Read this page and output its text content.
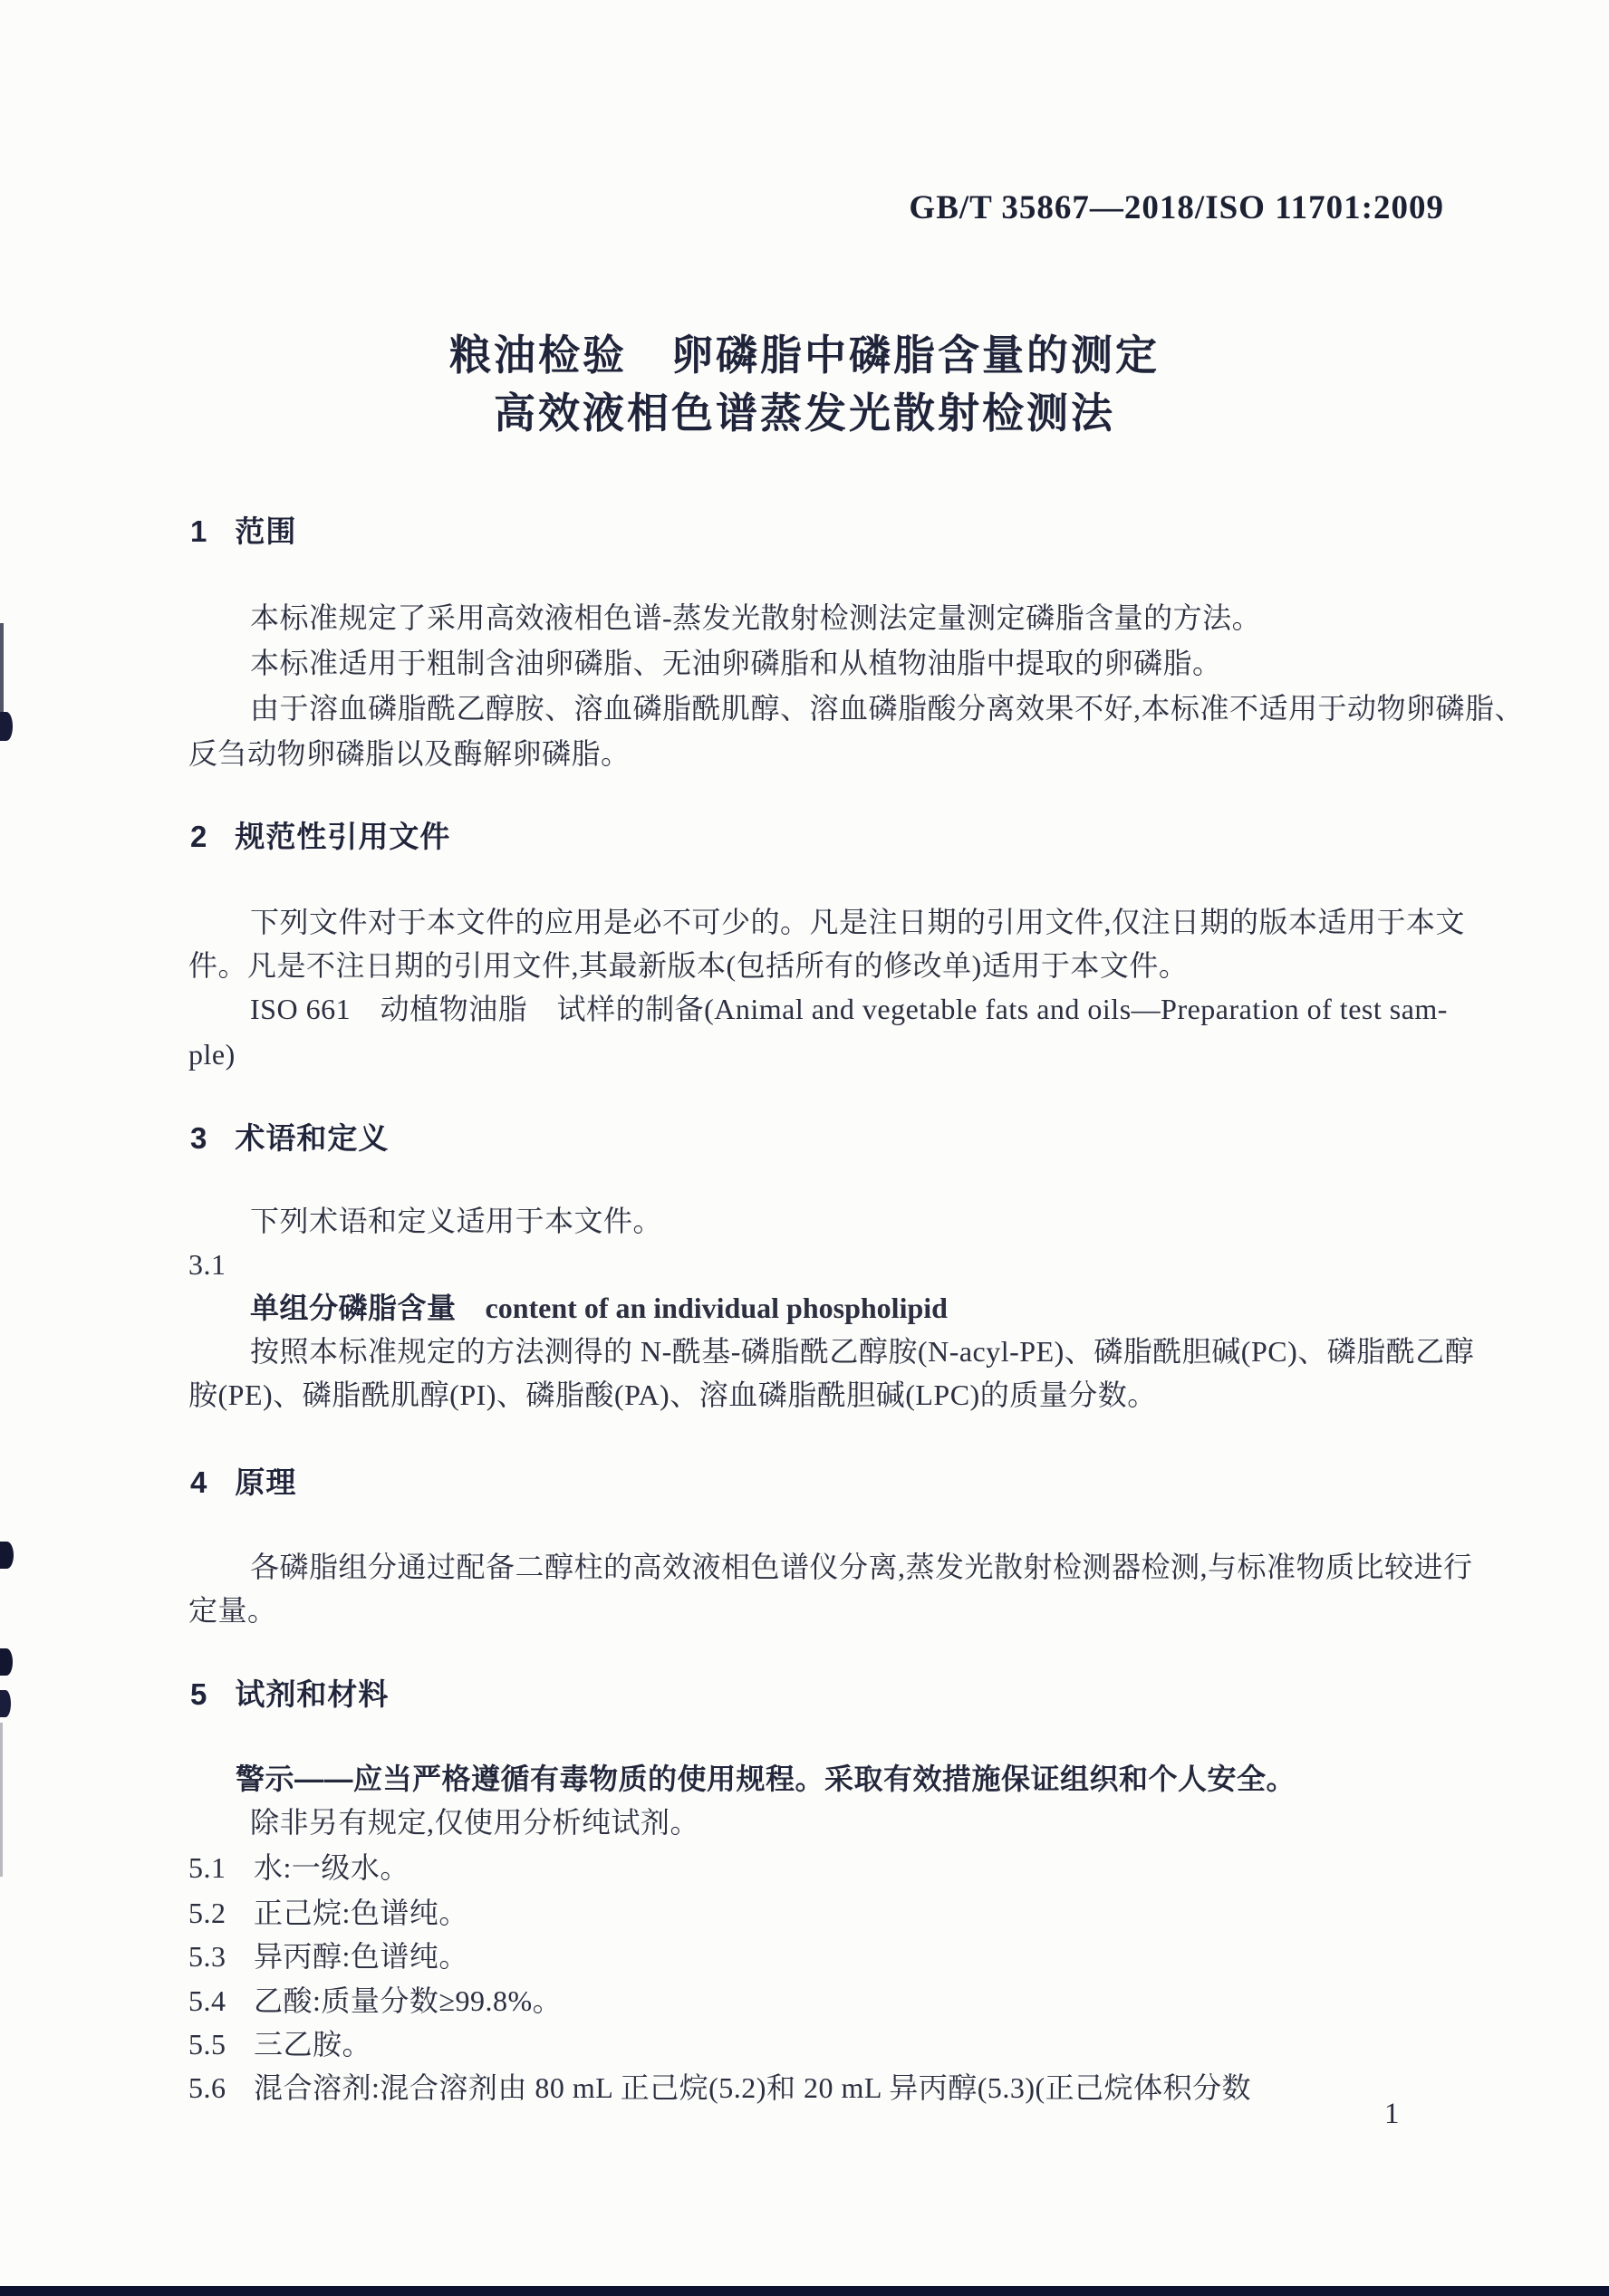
GB/T 35867—2018/ISO 11701:2009
粮油检验　卵磷脂中磷脂含量的测定
高效液相色谱蒸发光散射检测法
1 范围
本标准规定了采用高效液相色谱-蒸发光散射检测法定量测定磷脂含量的方法。
本标准适用于粗制含油卵磷脂、无油卵磷脂和从植物油脂中提取的卵磷脂。
由于溶血磷脂酰乙醇胺、溶血磷脂酰肌醇、溶血磷脂酸分离效果不好,本标准不适用于动物卵磷脂、
反刍动物卵磷脂以及酶解卵磷脂。
2 规范性引用文件
下列文件对于本文件的应用是必不可少的。凡是注日期的引用文件,仅注日期的版本适用于本文
件。凡是不注日期的引用文件,其最新版本(包括所有的修改单)适用于本文件。
ISO 661　动植物油脂　试样的制备(Animal and vegetable fats and oils—Preparation of test sam-
ple)
3 术语和定义
下列术语和定义适用于本文件。
3.1
单组分磷脂含量 content of an individual phospholipid
按照本标准规定的方法测得的 N-酰基-磷脂酰乙醇胺(N-acyl-PE)、磷脂酰胆碱(PC)、磷脂酰乙醇
胺(PE)、磷脂酰肌醇(PI)、磷脂酸(PA)、溶血磷脂酰胆碱(LPC)的质量分数。
4 原理
各磷脂组分通过配备二醇柱的高效液相色谱仪分离,蒸发光散射检测器检测,与标准物质比较进行
定量。
5 试剂和材料
警示——应当严格遵循有毒物质的使用规程。采取有效措施保证组织和个人安全。
除非另有规定,仅使用分析纯试剂。
5.1 水:一级水。
5.2 正己烷:色谱纯。
5.3 异丙醇:色谱纯。
5.4 乙酸:质量分数≥99.8%。
5.5 三乙胺。
5.6 混合溶剂:混合溶剂由 80 mL 正己烷(5.2)和 20 mL 异丙醇(5.3)(正己烷体积分数
1
